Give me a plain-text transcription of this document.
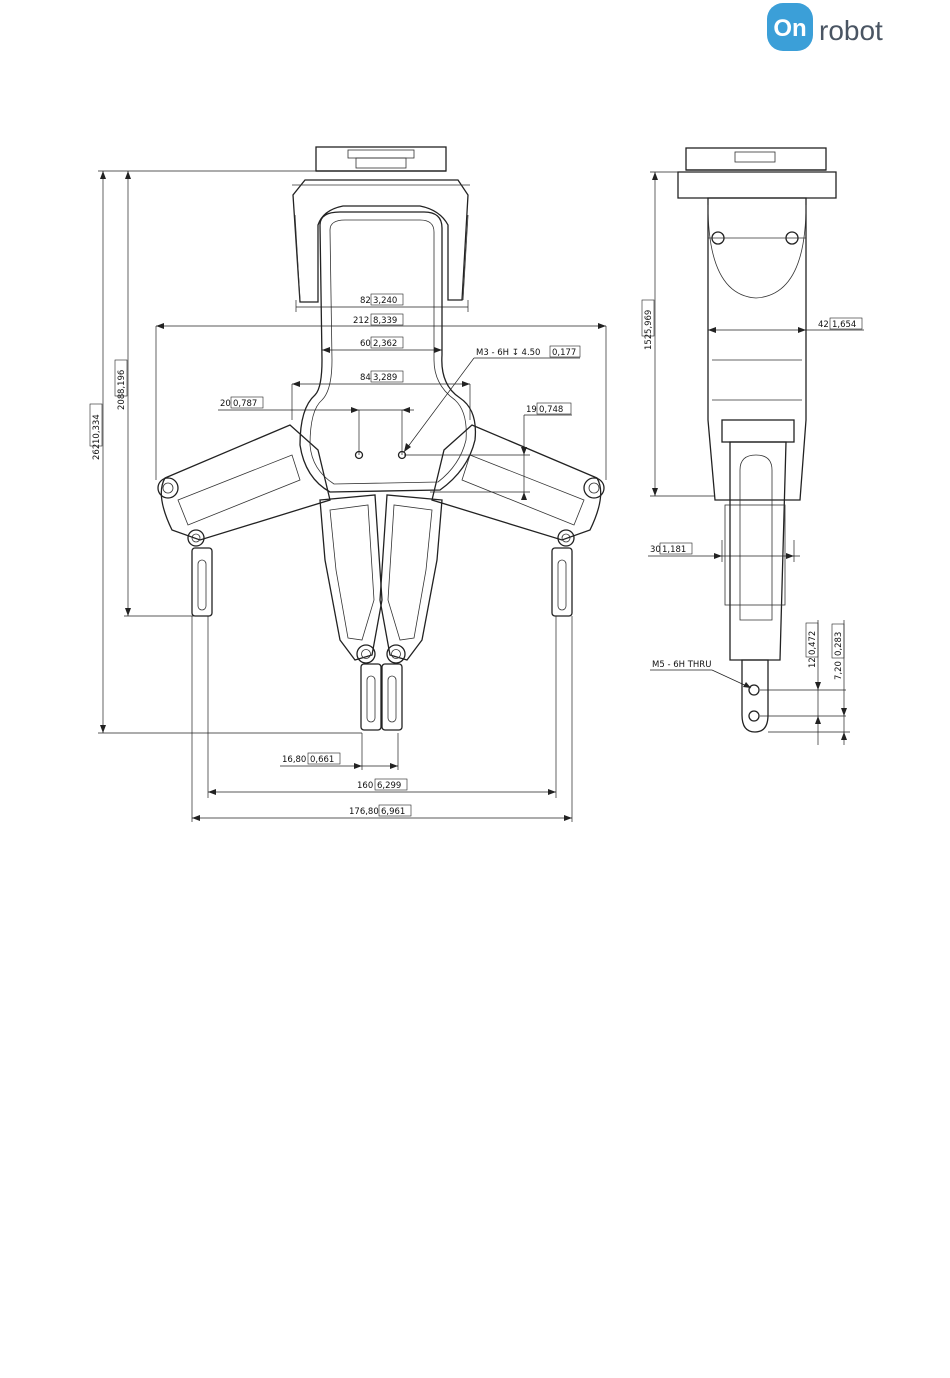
On robot
262
10,334
208
8,196
82 3,240
212 8,339
60 2,362
84 3,289
20 0,787
M3 - 6H ↧ 4.50 0,177
19 0,748
16,80 0,661
160 6,299
176,80 6,961
152
5,969	42 1,654
30 1,181
12
0,472
7,20
0,283
M5 - 6H THRU
